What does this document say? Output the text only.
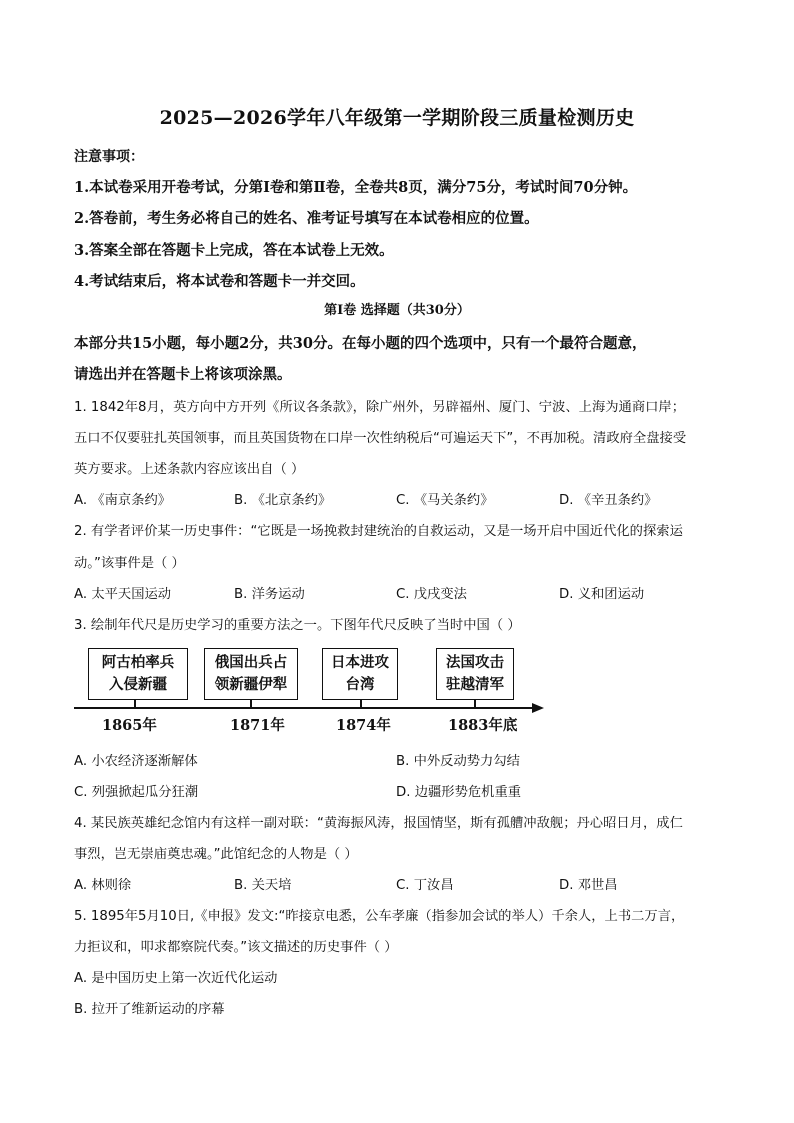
2025—2026学年八年级第一学期阶段三质量检测历史
注意事项：
1.本试卷采用开卷考试，分第Ⅰ卷和第Ⅱ卷，全卷共8页，满分75分，考试时间70分钟。
2.答卷前，考生务必将自己的姓名、准考证号填写在本试卷相应的位置。
3.答案全部在答题卡上完成，答在本试卷上无效。
4.考试结束后，将本试卷和答题卡一并交回。
第Ⅰ卷 选择题（共30分）
本部分共15小题，每小题2分，共30分。在每小题的四个选项中，只有一个最符合题意，
请选出并在答题卡上将该项涂黑。
1. 1842年8月，英方向中方开列《所议各条款》，除广州外，另辟福州、厦门、宁波、上海为通商口岸；
五口不仅要驻扎英国领事，而且英国货物在口岸一次性纳税后“可遍运天下”，不再加税。清政府全盘接受
英方要求。上述条款内容应该出自（ ）
A. 《南京条约》	B. 《北京条约》	C. 《马关条约》	D. 《辛丑条约》
2. 有学者评价某一历史事件：“它既是一场挽救封建统治的自救运动，又是一场开启中国近代化的探索运
动。”该事件是（ ）
A. 太平天国运动	B. 洋务运动	C. 戊戌变法	D. 义和团运动
3. 绘制年代尺是历史学习的重要方法之一。下图年代尺反映了当时中国（ ）
阿古柏率兵
入侵新疆
俄国出兵占
领新疆伊犁
日本进攻
台湾
法国攻击
驻越清军
1865年	1871年	1874年	1883年底
A. 小农经济逐渐解体	B. 中外反动势力勾结
C. 列强掀起瓜分狂潮	D. 边疆形势危机重重
4. 某民族英雄纪念馆内有这样一副对联：“黄海振风涛，报国情坚，斯有孤艚冲敌舰；丹心昭日月，成仁
事烈，岂无崇庙奠忠魂。”此馆纪念的人物是（ ）
A. 林则徐	B. 关天培	C. 丁汝昌	D. 邓世昌
5. 1895年5月10日,《申报》发文:“昨接京电悉，公车孝廉（指参加会试的举人）千余人，上书二万言，
力拒议和，叩求都察院代奏。”该文描述的历史事件（ ）
A. 是中国历史上第一次近代化运动
B. 拉开了维新运动的序幕
